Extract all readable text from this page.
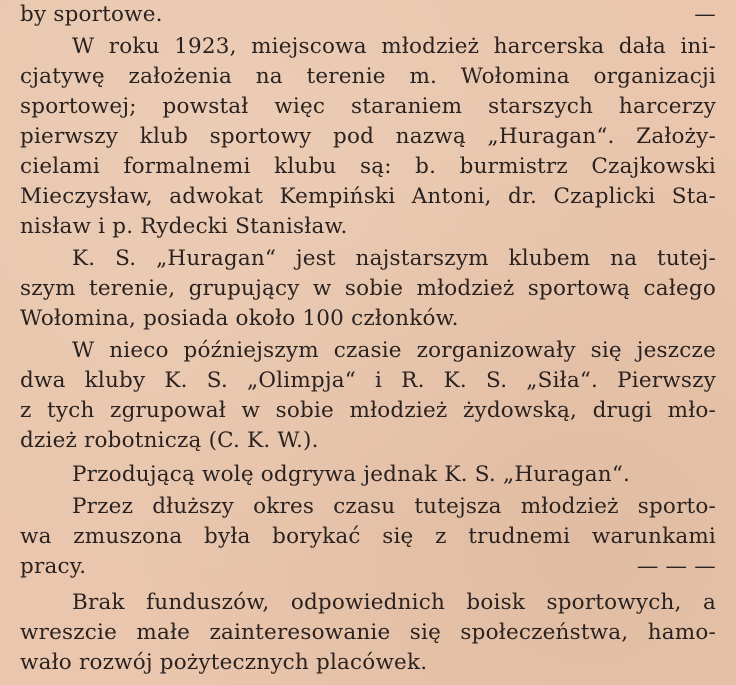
by sportowe.	—
W roku 1923, miejscowa młodzież harcerska dała ini-
cjatywę założenia na terenie m. Wołomina organizacji
sportowej; powstał więc staraniem starszych harcerzy
pierwszy klub sportowy pod nazwą „Huragan“. Założy-
cielami formalnemi klubu są: b. burmistrz Czajkowski
Mieczysław, adwokat Kempiński Antoni, dr. Czaplicki Sta-
nisław i p. Rydecki Stanisław.
K. S. „Huragan“ jest najstarszym klubem na tutej-
szym terenie, grupujący w sobie młodzież sportową całego
Wołomina, posiada około 100 członków.
W nieco późniejszym czasie zorganizowały się jeszcze
dwa kluby K. S. „Olimpja“ i R. K. S. „Siła“. Pierwszy
z tych zgrupował w sobie młodzież żydowską, drugi mło-
dzież robotniczą (C. K. W.).
Przodującą wolę odgrywa jednak K. S. „Huragan“.
Przez dłuższy okres czasu tutejsza młodzież sporto-
wa zmuszona była borykać się z trudnemi warunkami
pracy.	— — —
Brak funduszów, odpowiednich boisk sportowych, a
wreszcie małe zainteresowanie się społeczeństwa, hamo-
wało rozwój pożytecznych placówek.
